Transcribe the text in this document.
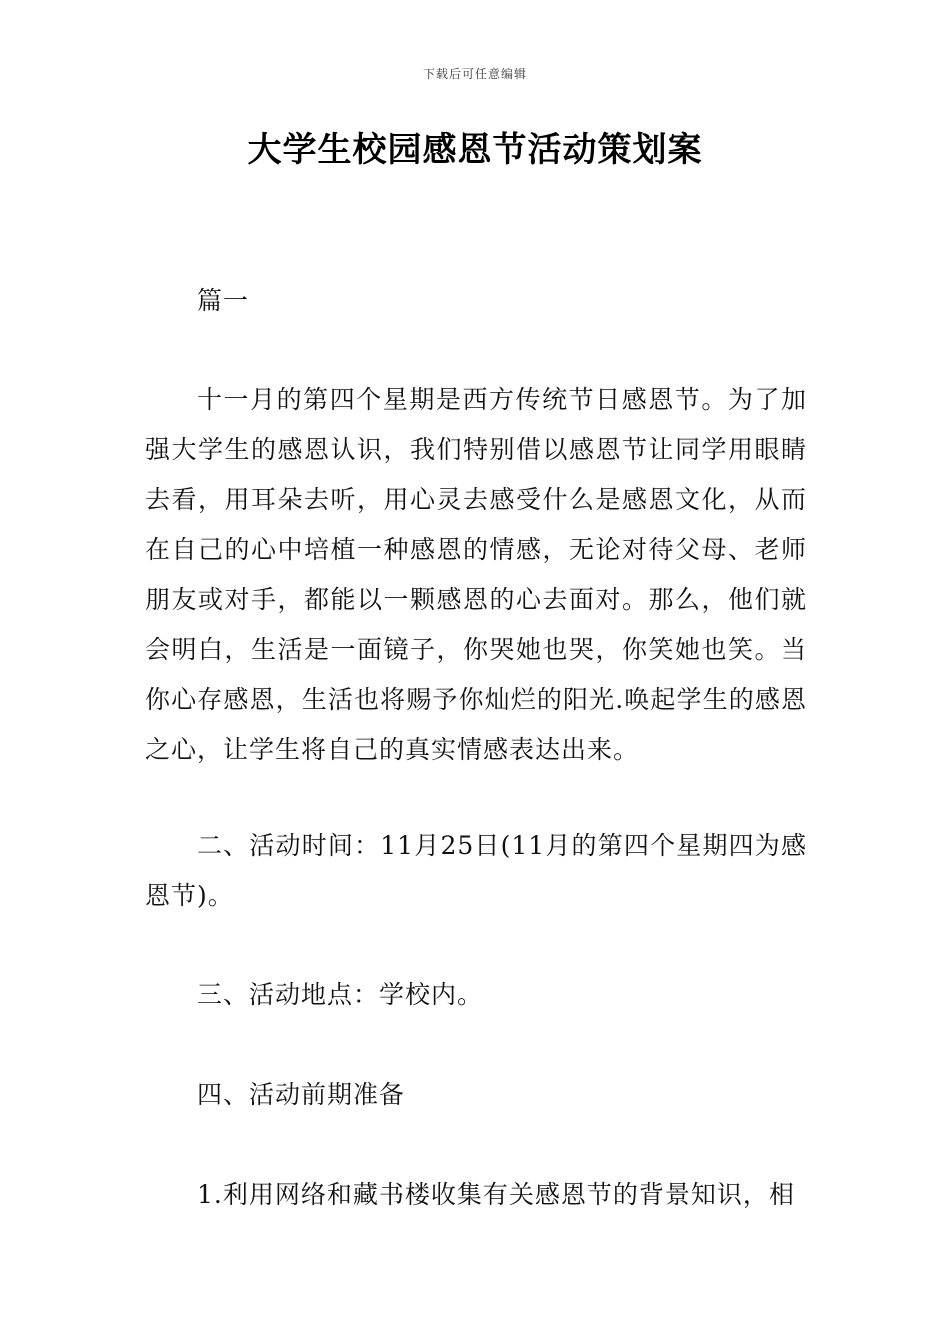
下载后可任意编辑
大学生校园感恩节活动策划案

篇一

十一月的第四个星期是西方传统节日感恩节。为了加强大学生的感恩认识，我们特别借以感恩节让同学用眼睛去看，用耳朵去听，用心灵去感受什么是感恩文化，从而在自己的心中培植一种感恩的情感，无论对待父母、老师朋友或对手，都能以一颗感恩的心去面对。那么，他们就会明白，生活是一面镜子，你哭她也哭，你笑她也笑。当你心存感恩，生活也将赐予你灿烂的阳光.唤起学生的感恩之心，让学生将自己的真实情感表达出来。

二、活动时间：11月25日(11月的第四个星期四为感恩节)。

三、活动地点：学校内。

四、活动前期准备

1.利用网络和藏书楼收集有关感恩节的背景知识，相
